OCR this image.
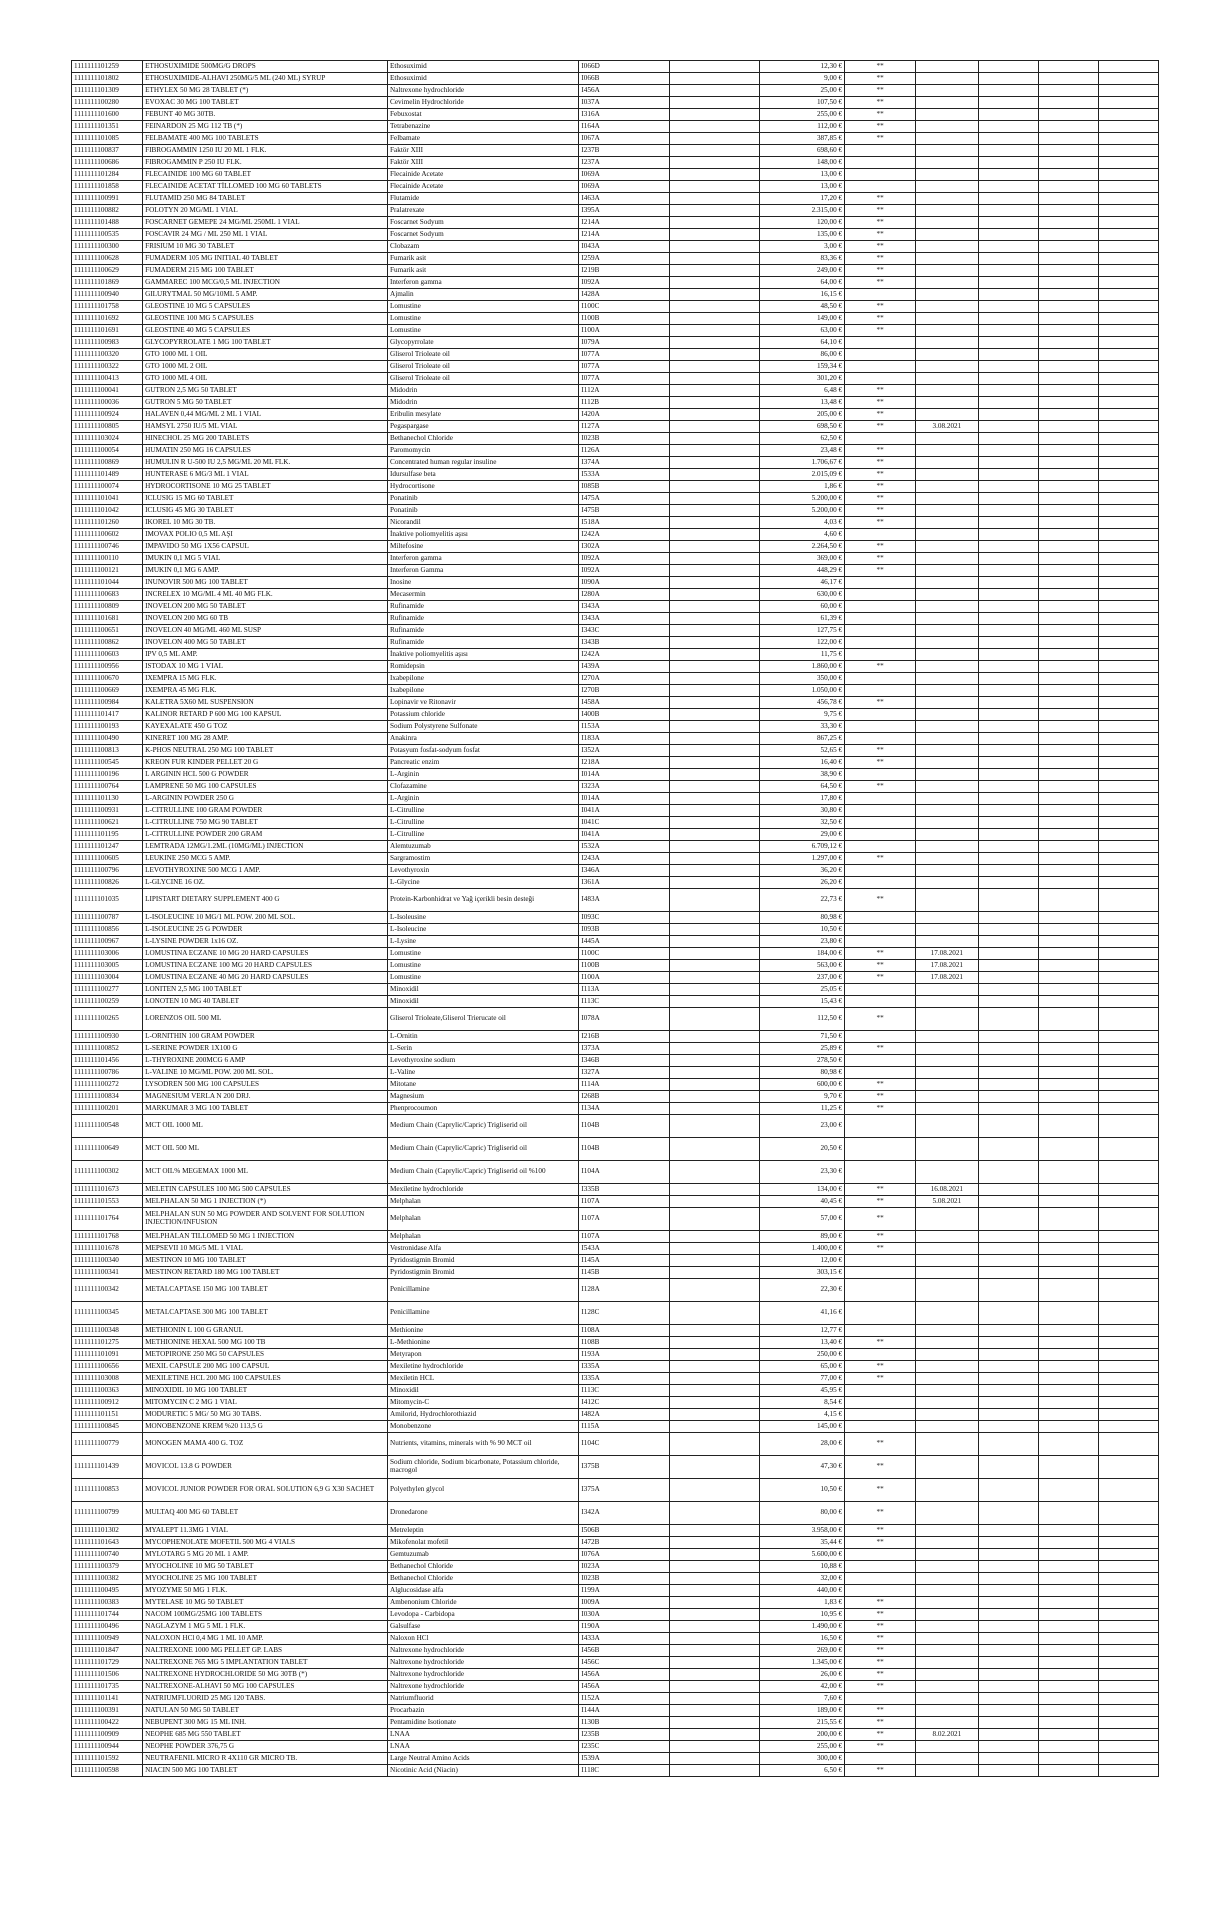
1111111101259	ETHOSUXIMIDE 500MG/G DROPS	Ethosuximid	I066D		12,30 €	**				
1111111101802	ETHOSUXIMIDE-ALHAVI 250MG/5 ML (240 ML) SYRUP	Ethosuximid	I066B		9,00 €	**				
1111111101309	ETHYLEX 50 MG 28 TABLET (*)	Naltrexone hydrochloride	I456A		25,00 €	**				
1111111100280	EVOXAC 30 MG 100 TABLET	Cevimelin Hydrochloride	I037A		107,50 €	**				
1111111101600	FEBUNT 40 MG 30TB.	Febuxostat	I316A		255,00 €	**				
1111111101351	FEINARDON 25 MG 112 TB (*)	Tetrabenazine	I164A		112,00 €	**				
1111111101085	FELBAMATE 400 MG 100 TABLETS	Felbamate	I067A		387,85 €	**				
1111111100837	FIBROGAMMIN 1250 IU 20 ML 1 FLK.	Faktör XIII	I237B		698,60 €					
1111111100686	FIBROGAMMIN P 250 IU FLK.	Faktör XIII	I237A		148,00 €					
1111111101284	FLECAINIDE 100 MG 60 TABLET	Flecainide Acetate	I069A		13,00 €					
1111111101858	FLECAINIDE ACETAT TİLLOMED 100 MG 60 TABLETS	Flecainide Acetate	I069A		13,00 €					
1111111100991	FLUTAMID 250 MG 84 TABLET	Flutamide	I463A		17,20 €	**				
1111111100882	FOLOTYN 20 MG/ML 1 VIAL	Pralatrexate	I395A		2.315,00 €	**				
1111111101488	FOSCARNET GEMEPE 24 MG/ML 250ML 1 VIAL	Foscarnet Sodyum	I214A		120,00 €	**				
1111111100535	FOSCAVIR 24 MG / ML 250 ML 1 VIAL	Foscarnet Sodyum	I214A		135,00 €	**				
1111111100300	FRISIUM 10 MG 30 TABLET	Clobazam	I043A		3,00 €	**				
1111111100628	FUMADERM 105 MG INITIAL 40 TABLET	Fumarik asit	I259A		83,36 €	**				
1111111100629	FUMADERM 215 MG 100 TABLET	Fumarik asit	I219B		249,00 €	**				
1111111101869	GAMMAREC 100 MCG/0,5 ML INJECTION	Interferon gamma	I092A		64,00 €	**				
1111111100940	GILURYTMAL 50 MG/10ML 5 AMP.	Ajmalin	I428A		16,15 €					
1111111101758	GLEOSTINE 10 MG 5 CAPSULES	Lomustine	I100C		48,50 €	**				
1111111101692	GLEOSTINE 100 MG 5 CAPSULES	Lomustine	I100B		149,00 €	**				
1111111101691	GLEOSTINE 40 MG 5 CAPSULES	Lomustine	I100A		63,00 €	**				
1111111100983	GLYCOPYRROLATE 1 MG 100 TABLET	Glycopyrrolate	I079A		64,10 €					
1111111100320	GTO 1000 ML 1 OIL	Gliserol Trioleate oil	I077A		86,00 €					
1111111100322	GTO 1000 ML 2 OIL	Gliserol Trioleate oil	I077A		159,34 €					
1111111100413	GTO 1000 ML 4 OIL	Gliserol Trioleate oil	I077A		301,20 €					
1111111100041	GUTRON 2,5 MG 50 TABLET	Midodrin	I112A		6,48 €	**				
1111111100036	GUTRON 5 MG 50 TABLET	Midodrin	I112B		13,48 €	**				
1111111100924	HALAVEN 0,44 MG/ML 2 ML 1 VIAL	Eribulin mesylate	I420A		205,00 €	**				
1111111100805	HAMSYL 2750 IU/5 ML VIAL	Pegaspargase	I127A		698,50 €	**	3.08.2021			
1111111103024	HINECHOL 25 MG 200 TABLETS	Bethanechol Chloride	I023B		62,50 €					
1111111100054	HUMATIN 250 MG 16 CAPSULES	Paromomycin	I126A		23,48 €	**				
1111111100869	HUMULIN R U-500 IU 2,5 MG/ML 20 ML FLK.	Concentrated human regular insuline	I374A		1.706,67 €	**				
1111111101489	HUNTERASE 6 MG/3 ML 1 VIAL	Idursulfase beta	I533A		2.015,09 €	**				
1111111100074	HYDROCORTISONE 10 MG 25 TABLET	Hydrocortisone	I085B		1,86 €	**				
1111111101041	ICLUSIG 15 MG 60 TABLET	Ponatinib	I475A		5.200,00 €	**				
1111111101042	ICLUSIG 45 MG 30 TABLET	Ponatinib	I475B		5.200,00 €	**				
1111111101260	IKOREL 10 MG 30 TB.	Nicorandil	I518A		4,03 €	**				
1111111100602	IMOVAX POLIO 0,5 ML AŞI	İnaktive poliomyelitis aşısı	I242A		4,60 €					
1111111100746	IMPAVIDO 50 MG 1X56 CAPSUL	Miltefosine	I302A		2.264,50 €	**				
1111111100110	IMUKIN 0,1 MG 5 VIAL	Interferon gamma	I092A		369,00 €	**				
1111111100121	IMUKIN 0,1 MG 6 AMP.	Interferon Gamma	I092A		448,29 €	**				
1111111101044	INUNOVIR 500 MG 100 TABLET	Inosine	I090A		46,17 €					
1111111100683	INCRELEX 10 MG/ML 4 ML 40 MG FLK.	Mecasermin	I280A		630,00 €					
1111111100809	INOVELON 200 MG 50 TABLET	Rufinamide	I343A		60,00 €					
1111111101681	INOVELON 200 MG 60 TB	Rufinamide	I343A		61,39 €					
1111111100651	INOVELON 40 MG/ML 460 ML SUSP	Rufinamide	I343C		127,75 €					
1111111100862	INOVELON 400 MG 50 TABLET	Rufinamide	I343B		122,00 €					
1111111100603	IPV 0,5 ML AMP.	İnaktive poliomyelitis aşısı	I242A		11,75 €					
1111111100956	ISTODAX 10 MG 1 VIAL	Romidepsin	I439A		1.860,00 €	**				
1111111100670	IXEMPRA 15 MG FLK.	Ixabepilone	I270A		350,00 €					
1111111100669	IXEMPRA 45 MG FLK.	Ixabepilone	I270B		1.050,00 €					
1111111100984	KALETRA 5X60 ML SUSPENSION	Lopinavir ve Ritonavir	I458A		456,78 €	**				
1111111101417	KALINOR RETARD P 600 MG 100 KAPSUL	Potassium chloride	I400B		9,75 €					
1111111100193	KAYEXALATE 450 G TOZ	Sodium Polystyrene Sulfonate	I153A		33,30 €					
1111111100490	KINERET 100 MG 28 AMP.	Anakinra	I183A		867,25 €					
1111111100813	K-PHOS NEUTRAL 250 MG 100 TABLET	Potasyum fosfat-sodyum fosfat	I352A		52,65 €	**				
1111111100545	KREON FUR KINDER PELLET 20 G	Pancreatic enzim	I218A		16,40 €	**				
1111111100196	L ARGININ HCL 500 G POWDER	L-Arginin	I014A		38,90 €					
1111111100764	LAMPRENE 50 MG 100 CAPSULES	Clofazamine	I323A		64,50 €	**				
1111111101130	L-ARGININ POWDER 250 G	L-Arginin	I014A		17,80 €					
1111111100931	L-CITRULLINE 100 GRAM POWDER	L-Citrulline	I041A		30,80 €					
1111111100621	L-CITRULLINE 750 MG 90 TABLET	L-Citrulline	I041C		32,50 €					
1111111101195	L-CITRULLINE POWDER 200 GRAM	L-Citrulline	I041A		29,00 €					
1111111101247	LEMTRADA 12MG/1.2ML (10MG/ML) INJECTION	Alemtuzumab	I532A		6.709,12 €					
1111111100605	LEUKINE 250 MCG 5 AMP.	Sargramostim	I243A		1.297,00 €	**				
1111111100796	LEVOTHYROXINE 500 MCG 1 AMP.	Levothyroxin	I346A		36,20 €					
1111111100826	L-GLYCINE 16 OZ.	L-Glycine	I361A		26,20 €					
1111111101035	LIPISTART DIETARY SUPPLEMENT 400 G	Protein-Karbonhidrat ve Yağ içerikli besin desteği	I483A		22,73 €	**				
1111111100787	L-ISOLEUCINE 10 MG/1 ML POW. 200 ML SOL.	L-Isoleusine	I093C		80,98 €					
1111111100856	L-ISOLEUCINE 25 G POWDER	L-Isoleucine	I093B		10,50 €					
1111111100967	L-LYSINE POWDER 1x16 OZ.	L-Lysine	I445A		23,80 €					
1111111103006	LOMUSTINA ECZANE 10 MG 20 HARD CAPSULES	Lomustine	I100C		184,00 €	**	17.08.2021			
1111111103005	LOMUSTINA ECZANE 100 MG 20 HARD CAPSULES	Lomustine	I100B		563,00 €	**	17.08.2021			
1111111103004	LOMUSTINA ECZANE 40 MG 20 HARD CAPSULES	Lomustine	I100A		237,00 €	**	17.08.2021			
1111111100277	LONITEN 2,5 MG 100 TABLET	Minoxidil	I113A		25,05 €					
1111111100259	LONOTEN 10 MG 40 TABLET	Minoxidil	I113C		15,43 €					
1111111100265	LORENZOS OIL 500 ML	Gliserol Trioleate,Gliserol Trierucate oil	I078A		112,50 €	**				
1111111100930	L-ORNITHIN 100 GRAM POWDER	L-Ornitin	I216B		71,50 €					
1111111100852	L-SERINE POWDER 1X100 G	L-Serin	I373A		25,89 €	**				
1111111101456	L-THYROXINE 200MCG 6 AMP	Levothyroxine sodium	I346B		278,50 €					
1111111100786	L-VALINE 10 MG/ML POW. 200 ML SOL.	L-Valine	I327A		80,98 €					
1111111100272	LYSODREN 500 MG 100 CAPSULES	Mitotane	I114A		600,00 €	**				
1111111100834	MAGNESIUM VERLA N 200 DRJ.	Magnesium	I268B		9,70 €	**				
1111111100201	MARKUMAR 3 MG 100 TABLET	Phenprocoumon	I134A		11,25 €	**				
1111111100548	MCT OIL 1000 ML	Medium Chain (Caprylic/Capric) Trigliserid oil	I104B		23,00 €					
1111111100649	MCT OIL 500 ML	Medium Chain (Caprylic/Capric) Trigliserid oil	I104B		20,50 €					
1111111100302	MCT OIL% MEGEMAX 1000 ML	Medium Chain (Caprylic/Capric) Trigliserid oil %100	I104A		23,30 €					
1111111101673	MELETIN CAPSULES 100 MG 500 CAPSULES	Mexiletine hydrochloride	I335B		134,00 €	**	16.08.2021			
1111111101553	MELPHALAN 50 MG 1 INJECTION (*)	Melphalan	I107A		40,45 €	**	5.08.2021			
1111111101764	MELPHALAN SUN 50 MG POWDER AND SOLVENT FOR SOLUTION INJECTION/INFUSION	Melphalan	I107A		57,00 €	**				
1111111101768	MELPHALAN TILLOMED 50 MG 1 INJECTION	Melphalan	I107A		89,00 €	**				
1111111101678	MEPSEVII 10 MG/5 ML 1 VIAL	Vestronidase Alfa	I543A		1.400,00 €	**				
1111111100340	MESTINON 10 MG 100 TABLET	Pyridostigmin Bromid	I145A		12,00 €					
1111111100341	MESTINON RETARD 180 MG 100 TABLET	Pyridostigmin Bromid	I145B		303,15 €					
1111111100342	METALCAPTASE 150 MG 100 TABLET	Penicillamine	I128A		22,30 €					
1111111100345	METALCAPTASE 300 MG 100 TABLET	Penicillamine	I128C		41,16 €					
1111111100348	METHIONIN L 100 G GRANUL	Methionine	I108A		12,77 €					
1111111101275	METHIONINE HEXAL 500 MG 100 TB	L-Methionine	I108B		13,40 €	**				
1111111101091	METOPIRONE 250 MG 50 CAPSULES	Metyrapon	I193A		250,00 €					
1111111100656	MEXIL CAPSULE 200 MG 100 CAPSUL	Mexiletine hydrochloride	I335A		65,00 €	**				
1111111103008	MEXILETINE HCL 200 MG 100 CAPSULES	Mexiletin HCL	I335A		77,00 €	**				
1111111100363	MINOXIDIL 10 MG 100 TABLET	Minoxidil	I113C		45,95 €					
1111111100912	MITOMYCIN C 2 MG 1 VIAL	Mitomycin-C	I412C		8,54 €					
1111111101151	MODURETIC 5 MG/ 50 MG 30 TABS.	Amilorid, Hydrochlorothiazid	I482A		4,15 €					
1111111100845	MONOBENZONE KREM %20 113,5 G	Monobenzone	I115A		145,00 €					
1111111100779	MONOGEN MAMA 400 G. TOZ	Nutrients, vitamins, minerals with % 90 MCT oil	I104C		28,00 €	**				
1111111101439	MOVICOL 13.8 G POWDER	Sodium chloride, Sodium bicarbonate, Potassium chloride, macrogol	I375B		47,30 €	**				
1111111100853	MOVICOL JUNIOR POWDER FOR ORAL SOLUTION 6,9 G X30 SACHET	Polyethylen glycol	I375A		10,50 €	**				
1111111100799	MULTAQ 400 MG 60 TABLET	Dronedarone	I342A		80,00 €	**				
1111111101302	MYALEPT 11.3MG 1 VIAL	Metreleptin	I506B		3.958,00 €	**				
1111111101643	MYCOPHENOLATE MOFETIL 500 MG 4 VIALS	Mikofenolat mofetil	I472B		35,44 €	**				
1111111100740	MYLOTARG 5 MG 20 ML 1 AMP.	Gemtuzumab	I076A		5.600,00 €					
1111111100379	MYOCHOLINE 10 MG 50 TABLET	Bethanechol Chloride	I023A		10,88 €					
1111111100382	MYOCHOLINE 25 MG 100 TABLET	Bethanechol Chloride	I023B		32,00 €					
1111111100495	MYOZYME 50 MG 1 FLK.	Alglucosidase alfa	I199A		440,00 €					
1111111100383	MYTELASE 10 MG 50 TABLET	Ambenonium Chloride	I009A		1,83 €	**				
1111111101744	NACOM 100MG/25MG 100 TABLETS	Levodopa - Carbidopa	I030A		10,95 €	**				
1111111100496	NAGLAZYM 1 MG 5 ML 1 FLK.	Galsulfase	I190A		1.490,00 €	**				
1111111100949	NALOXON HCl 0,4 MG 1 ML 10 AMP.	Naloxon HCl	I433A		16,50 €	**				
1111111101847	NALTREXONE 1000 MG PELLET GP. LABS	Naltrexone hydrochloride	I456B		269,00 €	**				
1111111101729	NALTREXONE 765 MG 5 IMPLANTATION TABLET	Naltrexone hydrochloride	I456C		1.345,00 €	**				
1111111101506	NALTREXONE HYDROCHLORIDE 50 MG 30TB (*)	Naltrexone hydrochloride	I456A		26,00 €	**				
1111111101735	NALTREXONE-ALHAVI 50 MG 100 CAPSULES	Naltrexone hydrochloride	I456A		42,00 €	**				
1111111101141	NATRIUMFLUORID 25 MG 120 TABS.	Natriumfluorid	I152A		7,60 €					
1111111100391	NATULAN 50 MG 50 TABLET	Procarbazin	I144A		189,00 €	**				
1111111100422	NEBUPENT 300 MG 15 ML INH.	Pentamidine Isotionate	I130B		215,55 €	**				
1111111100909	NEOPHE 685 MG 550 TABLET	LNAA	I235B		200,00 €	**	8.02.2021			
1111111100944	NEOPHE POWDER 376,75 G	LNAA	I235C		255,00 €	**				
1111111101592	NEUTRAFENIL MICRO R 4X110 GR MICRO TB.	Large Neutral Amino Acids	I539A		300,00 €					
1111111100598	NIACIN 500 MG 100 TABLET	Nicotinic Acid (Niacin)	I118C		6,50 €	**				
